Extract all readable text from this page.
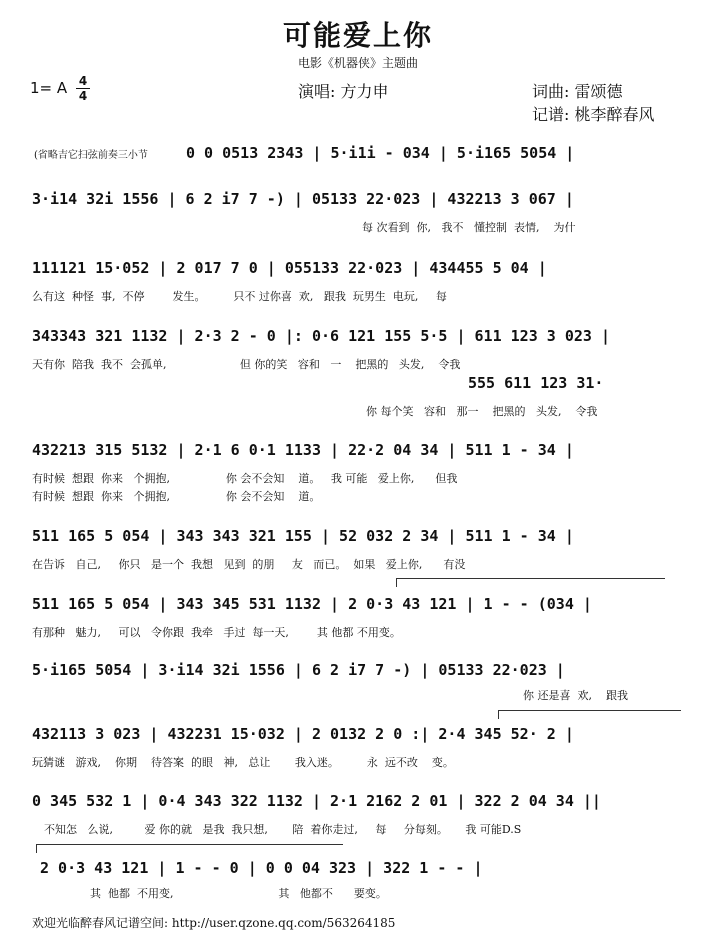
可能爱上你
电影《机器侠》主题曲
1= A 4
4	演唱: 方力申	词曲: 雷颂德
记谱: 桃李醉春风
(省略吉它扫弦前奏三小节	0 0 0513 2343 | 5·i1i - 034 | 5·i165 5054 |
3·i14 32i 1556 | 6 2 i7 7 -) | 05133 22·023 | 432213 3 067 |
每 次看到  你,   我不   懂控制  表情,    为什
111121 15·052 | 2 017 7 0 | 055133 22·023 | 434455 5 04 |
么有这  种怪  事,  不停        发生。        只不 过你喜  欢,   跟我  玩男生  电玩,     每
343343 321 1132 | 2·3 2 - 0 |: 0·6 121 155 5·5 | 611 123 3 023 |
天有你  陪我  我不  会孤单,                     但 你的笑   容和   一    把黑的   头发,    令我
555 611 123 31·
你 每个笑   容和   那一    把黑的   头发,    令我
432213 315 5132 | 2·1 6 0·1 1133 | 22·2 04 34 | 511 1 - 34 |
有时候  想跟  你来   个拥抱,                你 会不会知    道。   我 可能   爱上你,      但我
有时候  想跟  你来   个拥抱,                你 会不会知    道。
511 165 5 054 | 343 343 321 155 | 52 032 2 34 | 511 1 - 34 |
在告诉   自己,     你只   是一个  我想   见到  的朋     友   而已。  如果   爱上你,      有没
511 165 5 054 | 343 345 531 1132 | 2 0·3 43 121 | 1 - - (034 |
有那种   魅力,     可以   令你跟  我牵   手过  每一天,        其 他都 不用变。
5·i165 5054 | 3·i14 32i 1556 | 6 2 i7 7 -) | 05133 22·023 |
你 还是喜  欢,    跟我
432113 3 023 | 432231 15·032 | 2 0132 2 0 :| 2·4 345 52· 2 |
玩猜谜   游戏,    你期    待答案  的眼   神,   总让       我入迷。        永  远不改    变。
0 345 532 1 | 0·4 343 322 1132 | 2·1 2162 2 01 | 322 2 04 34 ||
不知怎   么说,         爱 你的就   是我  我只想,       陪  着你走过,     每     分每刻。     我 可能D.S
2 0·3 43 121 | 1 - - 0 | 0 0 04 323 | 322 1 - - |
其  他都  不用变,                              其   他都不      要变。
欢迎光临醉春风记谱空间: http://user.qzone.qq.com/563264185
